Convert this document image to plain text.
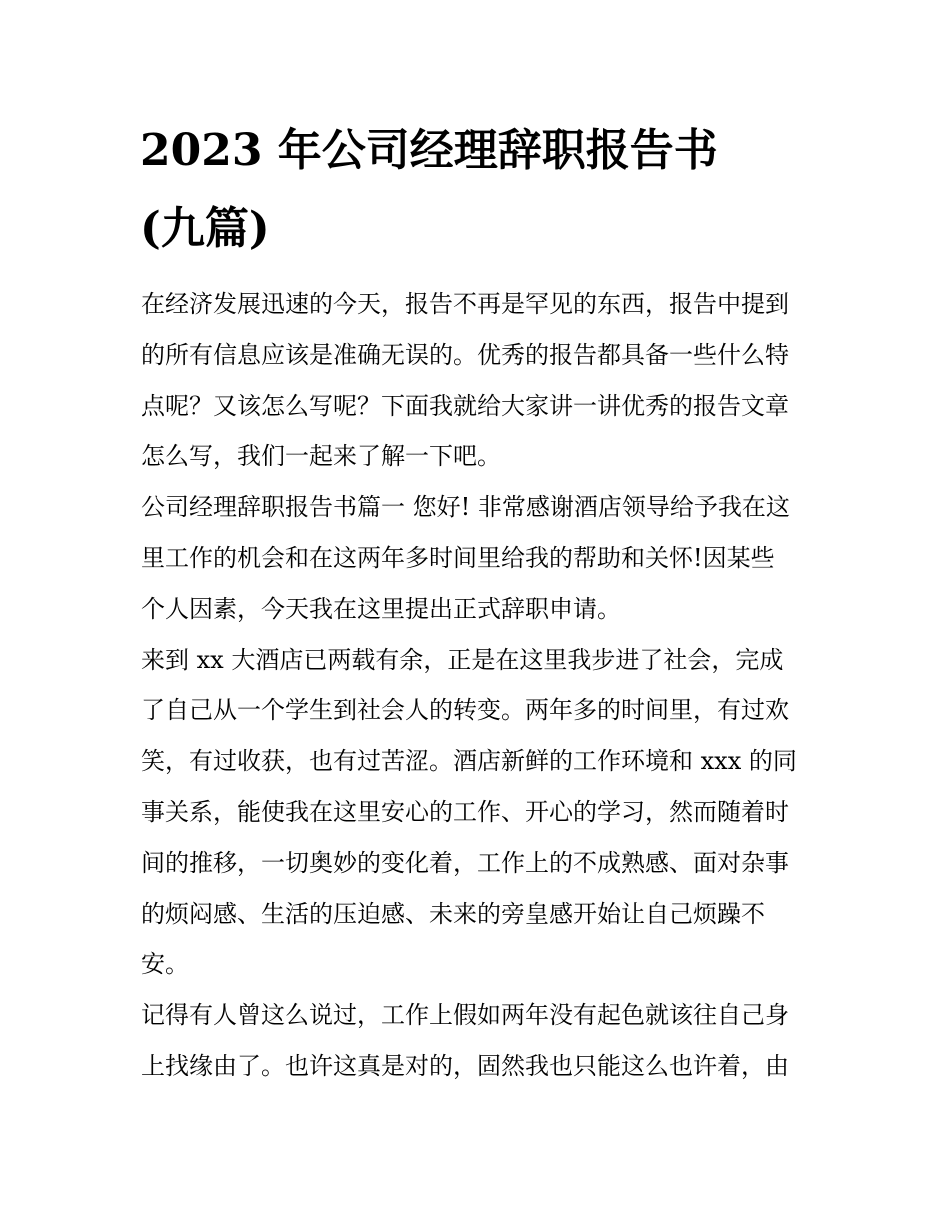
2023 年公司经理辞职报告书
(九篇)
在经济发展迅速的今天，报告不再是罕见的东西，报告中提到
的所有信息应该是准确无误的。优秀的报告都具备一些什么特
点呢？又该怎么写呢？下面我就给大家讲一讲优秀的报告文章
怎么写，我们一起来了解一下吧。
公司经理辞职报告书篇一 您好! 非常感谢酒店领导给予我在这
里工作的机会和在这两年多时间里给我的帮助和关怀!因某些
个人因素，今天我在这里提出正式辞职申请。
来到 xx 大酒店已两载有余，正是在这里我步进了社会，完成
了自己从一个学生到社会人的转变。两年多的时间里，有过欢
笑，有过收获，也有过苦涩。酒店新鲜的工作环境和 xxx 的同
事关系，能使我在这里安心的工作、开心的学习，然而随着时
间的推移，一切奥妙的变化着，工作上的不成熟感、面对杂事
的烦闷感、生活的压迫感、未来的旁皇感开始让自己烦躁不
安。
记得有人曾这么说过，工作上假如两年没有起色就该往自己身
上找缘由了。也许这真是对的，固然我也只能这么也许着，由
